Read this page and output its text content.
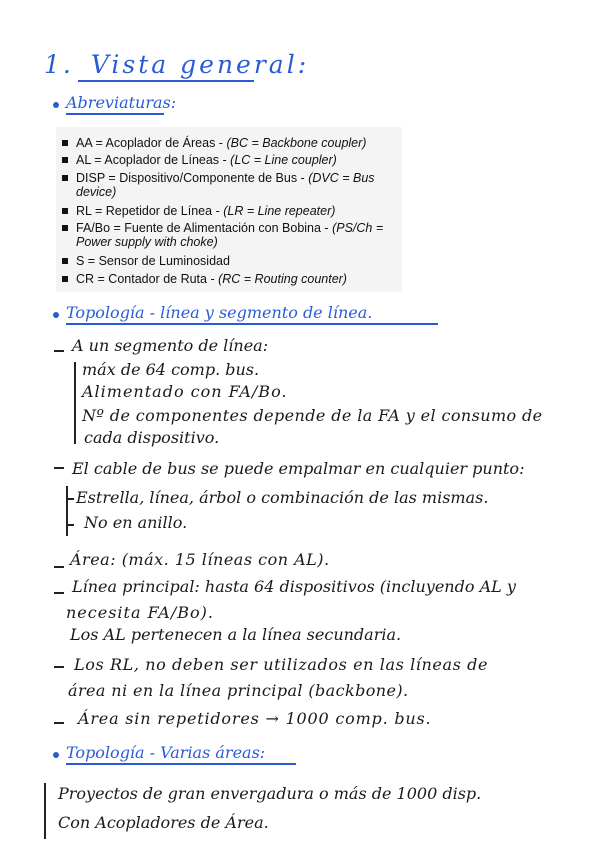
1. Vista general:
Abreviaturas:
AA = Acoplador de Áreas - (BC = Backbone coupler)
AL = Acoplador de Líneas - (LC = Line coupler)
DISP = Dispositivo/Componente de Bus - (DVC = Bus device)
RL = Repetidor de Línea - (LR = Line repeater)
FA/Bo = Fuente de Alimentación con Bobina - (PS/Ch = Power supply with choke)
S = Sensor de Luminosidad
CR = Contador de Ruta - (RC = Routing counter)
Topología - línea y segmento de línea.
A un segmento de línea:
máx de 64 comp. bus.
Alimentado con FA/Bo.
Nº de componentes depende de la FA y el consumo de
cada dispositivo.
El cable de bus se puede empalmar en cualquier punto:
Estrella, línea, árbol o combinación de las mismas.
No en anillo.
Área: (máx. 15 líneas con AL).
Línea principal: hasta 64 dispositivos (incluyendo AL y
necesita FA/Bo).
Los AL pertenecen a la línea secundaria.
Los RL, no deben ser utilizados en las líneas de
área ni en la línea principal (backbone).
Área sin repetidores → 1000 comp. bus.
Topología - Varias áreas:
Proyectos de gran envergadura o más de 1000 disp.
Con Acopladores de Área.
